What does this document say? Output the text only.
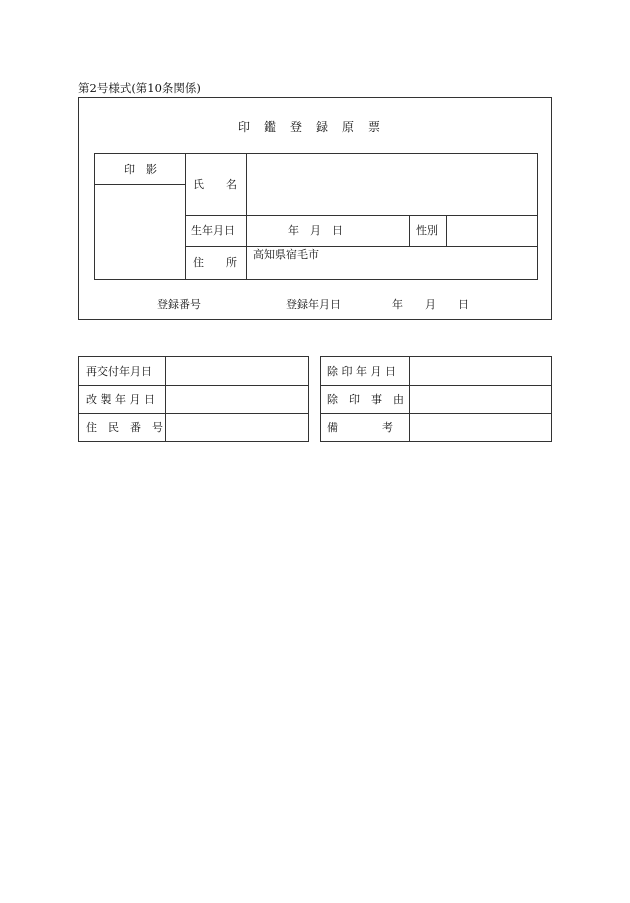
第2号様式(第10条関係)
印　鑑　登　録　原　票
印　影
氏　　名
生年月日	年　月　日	性別
住　　所
高知県宿毛市
登録番号	登録年月日	年　　月　　日
再交付年月日
改 製 年 月 日
住　民　番　号
除 印 年 月 日
除　印　事　由
備　　　　考
